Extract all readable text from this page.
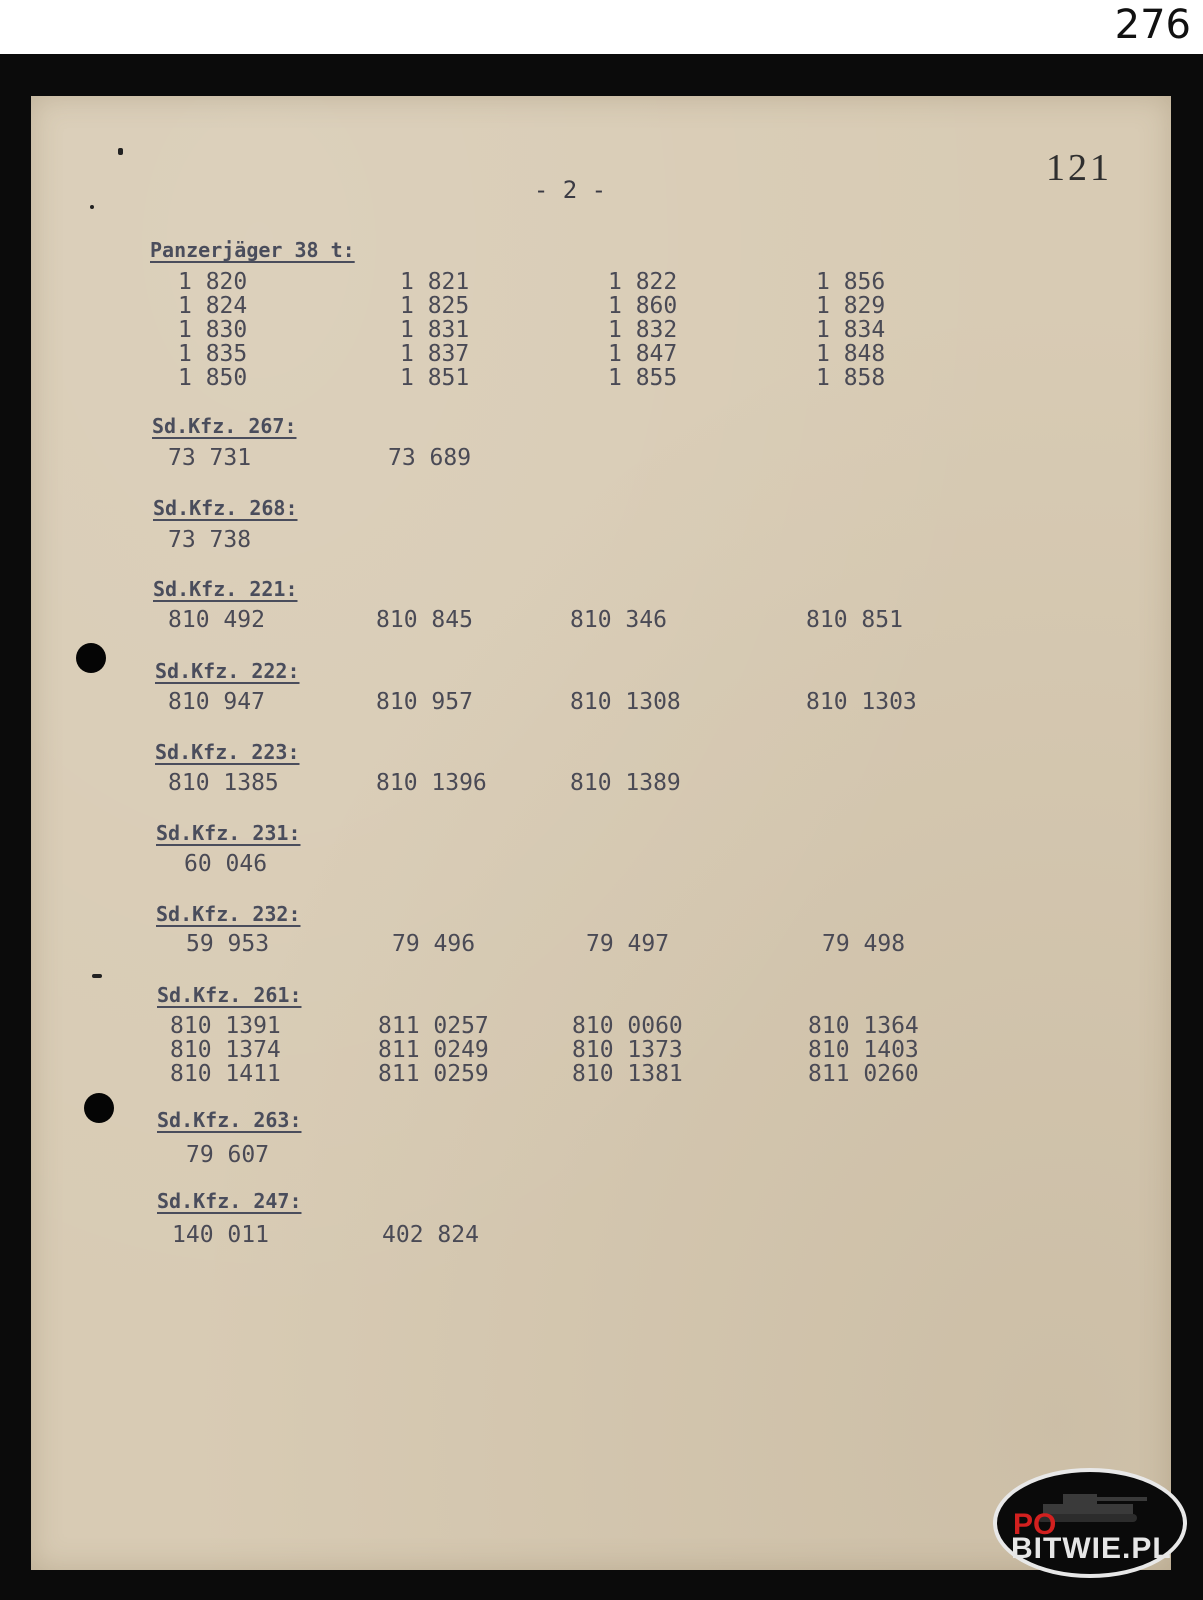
276
121
- 2 -
Panzerjäger 38 t:
1 820	1 821	1 822	1 856
1 824	1 825	1 860	1 829
1 830	1 831	1 832	1 834
1 835	1 837	1 847	1 848
1 850	1 851	1 855	1 858
Sd.Kfz. 267:
73 731	73 689
Sd.Kfz. 268:
73 738
Sd.Kfz. 221:
810 492	810 845	810 346	810 851
Sd.Kfz. 222:
810 947	810 957	810 1308	810 1303
Sd.Kfz. 223:
810 1385	810 1396	810 1389
Sd.Kfz. 231:
60 046
Sd.Kfz. 232:
59 953	79 496	79 497	79 498
Sd.Kfz. 261:
810 1391	811 0257	810 0060	810 1364
810 1374	811 0249	810 1373	810 1403
810 1411	811 0259	810 1381	811 0260
Sd.Kfz. 263:
79 607
Sd.Kfz. 247:
140 011	402 824
PO
BITWIE.PL
